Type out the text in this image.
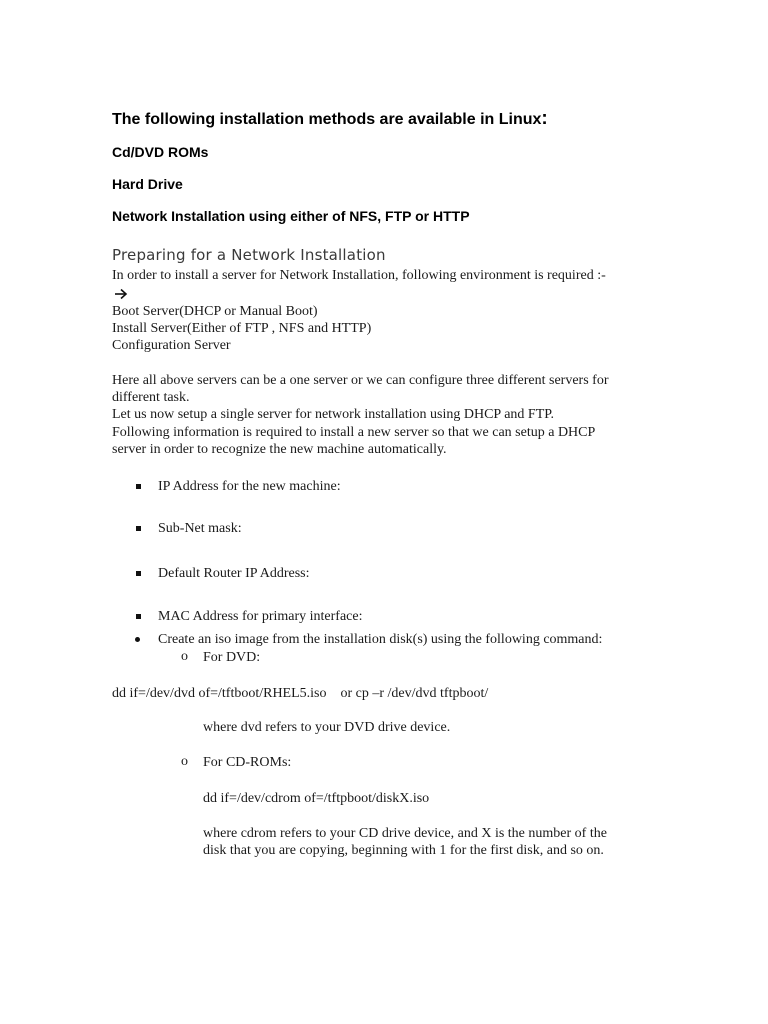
The following installation methods are available in Linux:
Cd/DVD ROMs
Hard Drive
Network Installation using either of NFS, FTP or HTTP
Preparing for a Network Installation
In order to install a server for Network Installation, following environment is required :-
Boot Server(DHCP or Manual Boot)
Install Server(Either of FTP , NFS and HTTP)
Configuration Server
Here all above servers can be a one server or we can configure three different servers for
different task.
Let us now setup a single server for network installation using DHCP and FTP.
Following information is required to install a new server so that we can setup a DHCP
server in order to recognize the new machine automatically.
IP Address for the new machine:
Sub-Net mask:
Default Router IP Address:
MAC Address for primary interface:
Create an iso image from the installation disk(s) using the following command:
o For DVD:
dd if=/dev/dvd of=/tftboot/RHEL5.iso    or cp –r /dev/dvd tftpboot/
where dvd refers to your DVD drive device.
o For CD-ROMs:
dd if=/dev/cdrom of=/tftpboot/diskX.iso
where cdrom refers to your CD drive device, and X is the number of the
disk that you are copying, beginning with 1 for the first disk, and so on.
